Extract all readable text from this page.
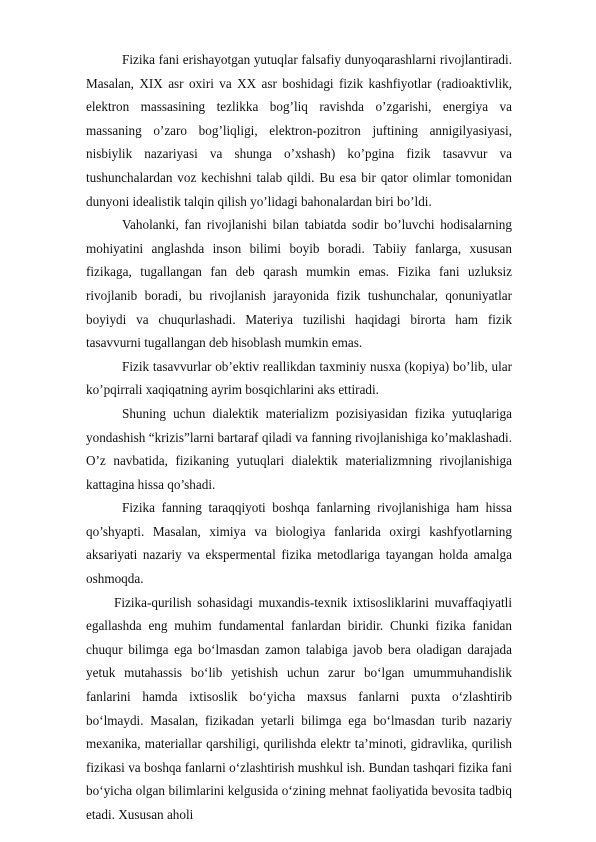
Fizika fani erishayotgan yutuqlar falsafiy dunyoqarashlarni rivojlantiradi. Masalan, XIX asr oxiri va XX asr boshidagi fizik kashfiyotlar (radioaktivlik, elektron massasining tezlikka bog’liq ravishda o’zgarishi, energiya va massaning o’zaro bog’liqligi, elektron-pozitron juftining annigilyasiyasi, nisbiylik nazariyasi va shunga o’xshash) ko’pgina fizik tasavvur va tushunchalardan voz kechishni talab qildi. Bu esa bir qator olimlar tomonidan dunyoni idealistik talqin qilish yo’lidagi bahonalardan biri bo’ldi.

Vaholanki, fan rivojlanishi bilan tabiatda sodir bo’luvchi hodisalarning mohiyatini anglashda inson bilimi boyib boradi. Tabiiy fanlarga, xususan fizikaga, tugallangan fan deb qarash mumkin emas. Fizika fani uzluksiz rivojlanib boradi, bu rivojlanish jarayonida fizik tushunchalar, qonuniyatlar boyiydi va chuqurlashadi. Materiya tuzilishi haqidagi birorta ham fizik tasavvurni tugallangan deb hisoblash mumkin emas.

Fizik tasavvurlar ob’ektiv reallikdan taxminiy nusxa (kopiya) bo’lib, ular ko’pqirrali xaqiqatning ayrim bosqichlarini aks ettiradi.

Shuning uchun dialektik materializm pozisiyasidan fizika yutuqlariga yondashish “krizis”larni bartaraf qiladi va fanning rivojlanishiga ko’maklashadi. O’z navbatida, fizikaning yutuqlari dialektik materializmning rivojlanishiga kattagina hissa qo’shadi.

Fizika fanning taraqqiyoti boshqa fanlarning rivojlanishiga ham hissa qo’shyapti. Masalan, ximiya va biologiya fanlarida oxirgi kashfyotlarning aksariyati nazariy va ekspermental fizika metodlariga tayangan holda amalga oshmoqda.

Fizika-qurilish sohasidagi muxandis-texnik ixtisosliklarini muvaffaqiyatli egallashda eng muhim fundamental fanlardan biridir. Chunki fizika fanidan chuqur bilimga ega bo‘lmasdan zamon talabiga javob bera oladigan darajada yetuk mutahassis bo‘lib yetishish uchun zarur bo‘lgan umummuhandislik fanlarini hamda ixtisoslik bo‘yicha maxsus fanlarni puxta o‘zlashtirib bo‘lmaydi. Masalan, fizikadan yetarli bilimga ega bo‘lmasdan turib nazariy mexanika, materiallar qarshiligi, qurilishda elektr ta’minoti, gidravlika, qurilish fizikasi va boshqa fanlarni o‘zlashtirish mushkul ish. Bundan tashqari fizika fani bo‘yicha olgan bilimlarini kelgusida o‘zining mehnat faoliyatida bevosita tadbiq etadi. Xususan aholi
